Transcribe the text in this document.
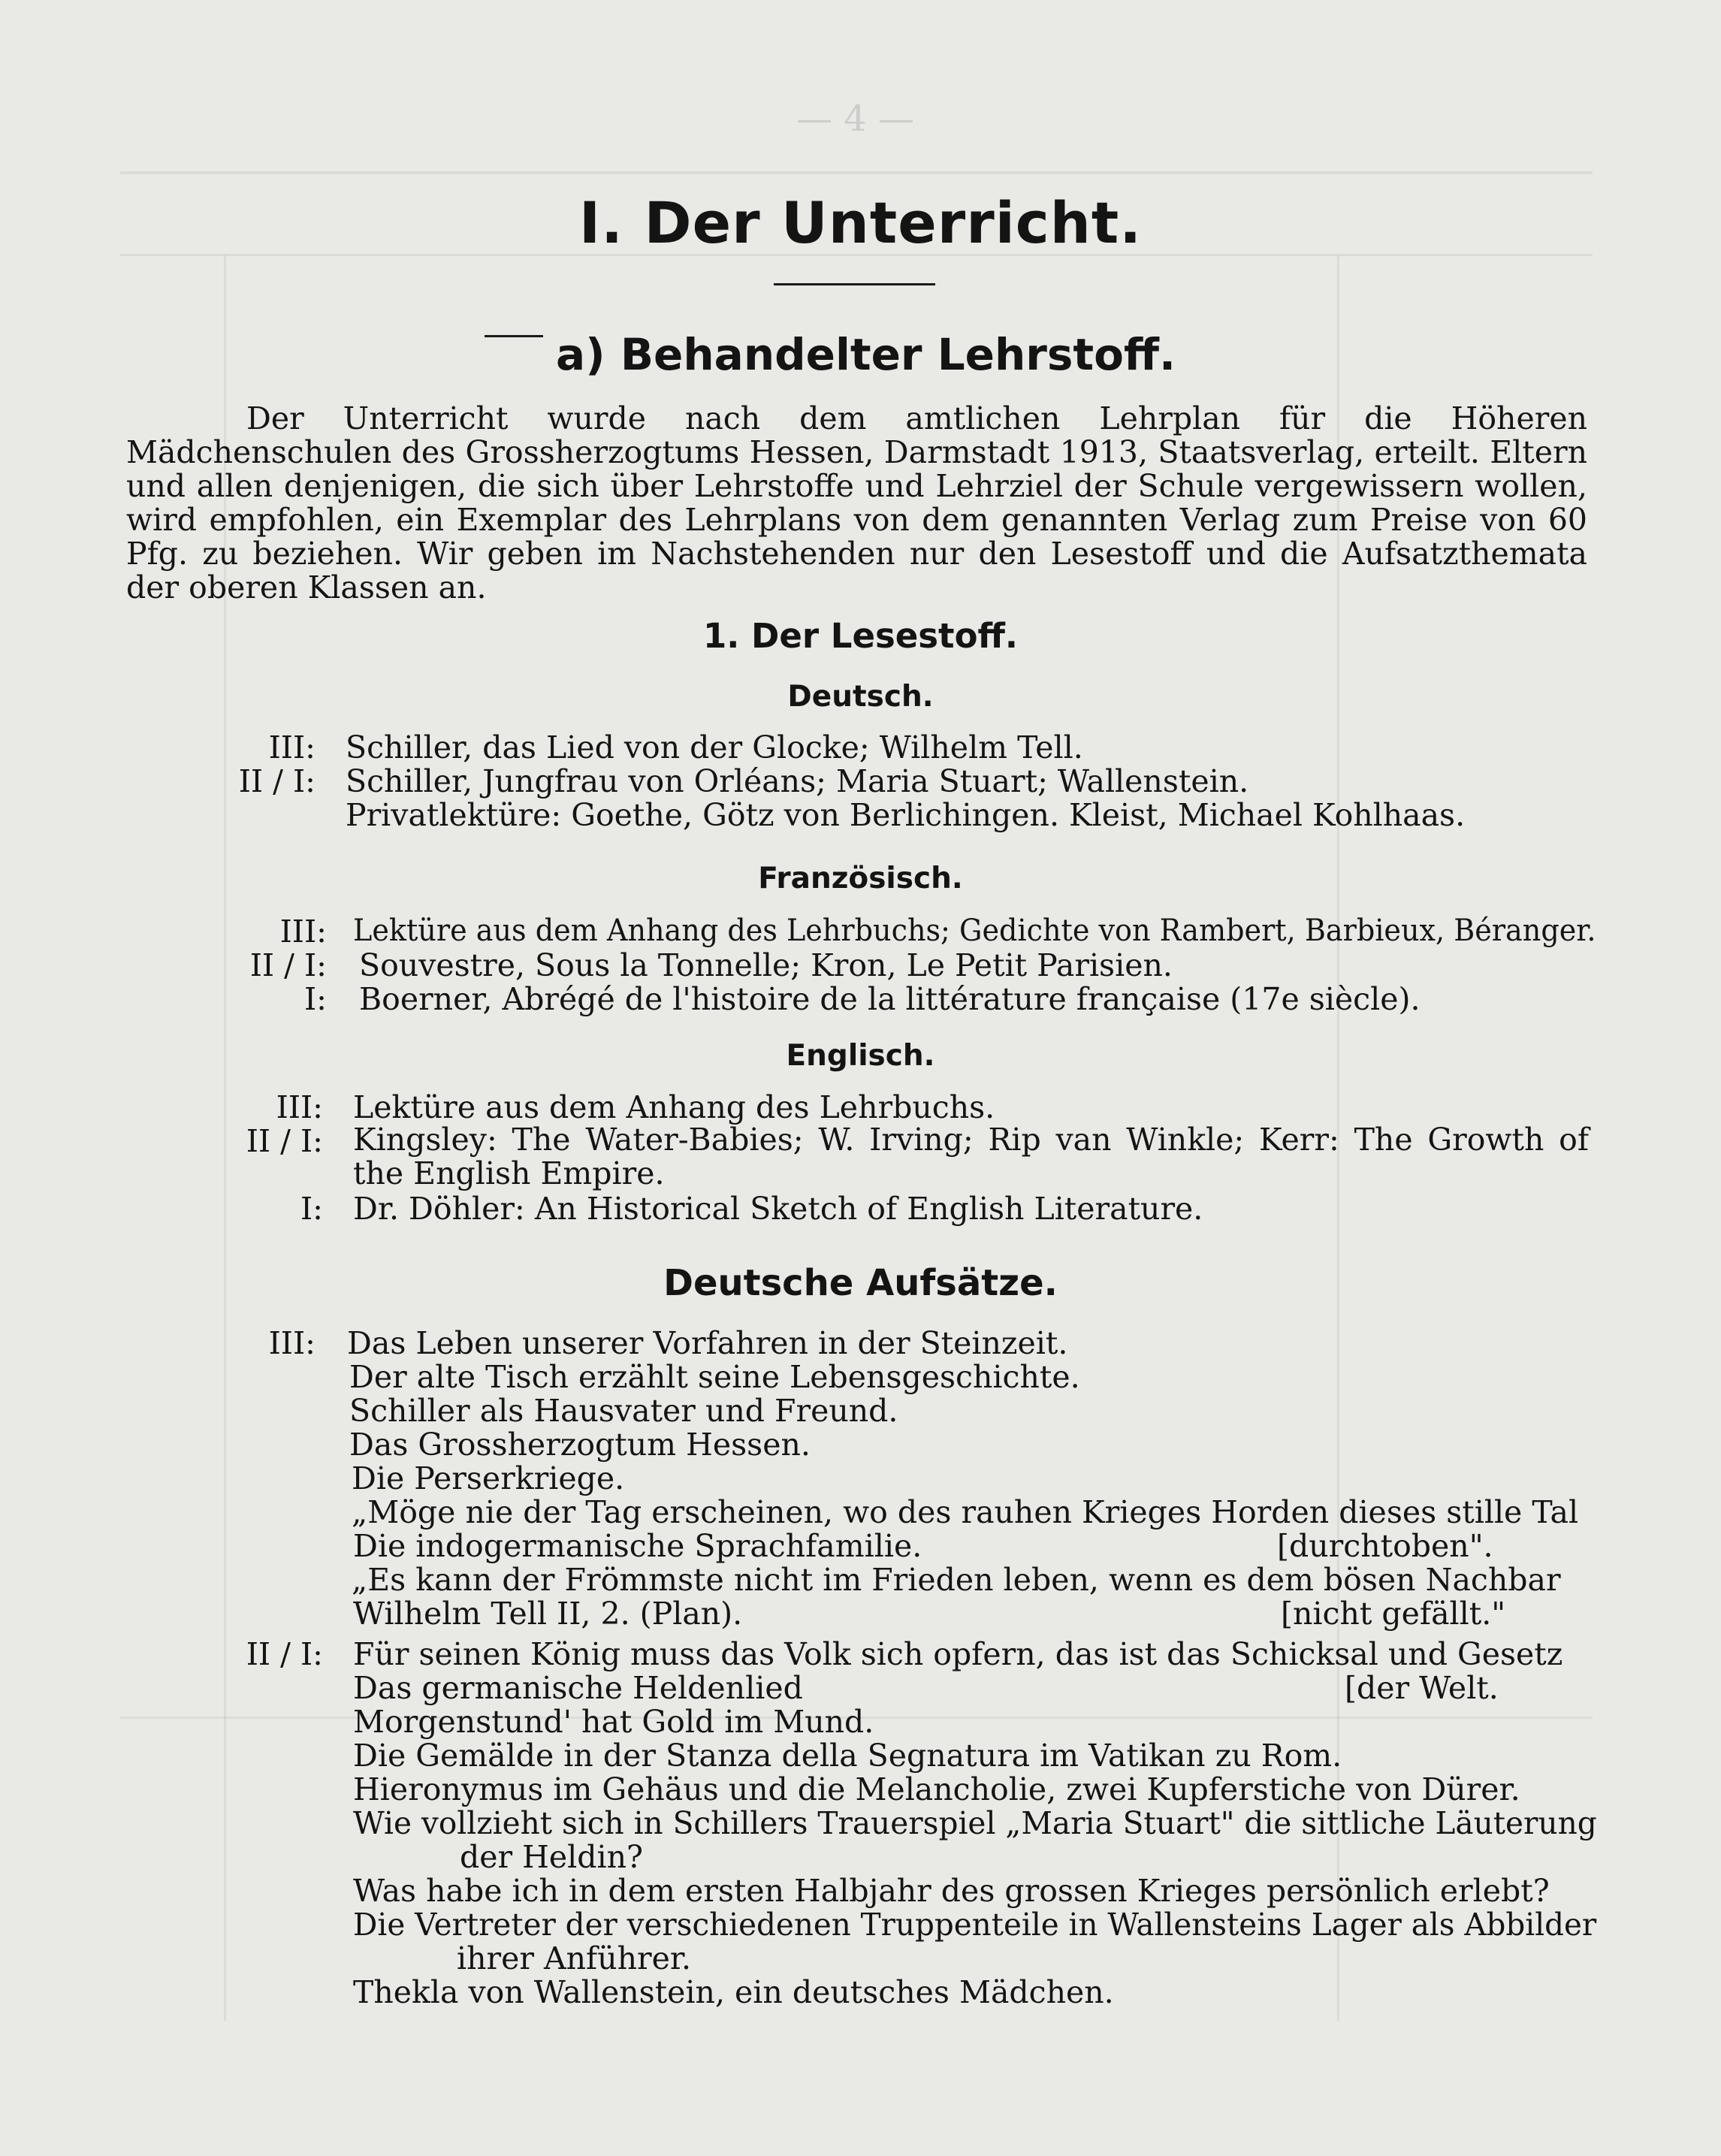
— 4 —
I. Der Unterricht.
a) Behandelter Lehrstoff.

Der Unterricht wurde nach dem amtlichen Lehrplan für die Höheren Mädchenschulen des Grossherzogtums Hessen, Darmstadt 1913, Staatsverlag, erteilt. Eltern und allen denjenigen, die sich über Lehrstoffe und Lehrziel der Schule vergewissern wollen, wird empfohlen, ein Exemplar des Lehrplans von dem genannten Verlag zum Preise von 60 Pfg. zu beziehen. Wir geben im Nachstehenden nur den Lesestoff und die Aufsatzthemata der oberen Klassen an.

1. Der Lesestoff.
Deutsch.
III: Schiller, das Lied von der Glocke; Wilhelm Tell.
II / I: Schiller, Jungfrau von Orléans; Maria Stuart; Wallenstein.
Privatlektüre: Goethe, Götz von Berlichingen. Kleist, Michael Kohlhaas.
Französisch.
III: Lektüre aus dem Anhang des Lehrbuchs; Gedichte von Rambert, Barbieux, Béranger.
II / I: Souvestre, Sous la Tonnelle; Kron, Le Petit Parisien.
I: Boerner, Abrégé de l'histoire de la littérature française (17e siècle).
Englisch.
III: Lektüre aus dem Anhang des Lehrbuchs.
II / I: Kingsley: The Water-Babies; W. Irving; Rip van Winkle; Kerr: The Growth of the English Empire.
I: Dr. Döhler: An Historical Sketch of English Literature.
Deutsche Aufsätze.
III: Das Leben unserer Vorfahren in der Steinzeit.
Der alte Tisch erzählt seine Lebensgeschichte.
Schiller als Hausvater und Freund.
Das Grossherzogtum Hessen.
Die Perserkriege.
„Möge nie der Tag erscheinen, wo des rauhen Krieges Horden dieses stille Tal
Die indogermanische Sprachfamilie.	[durchtoben".
„Es kann der Frömmste nicht im Frieden leben, wenn es dem bösen Nachbar
Wilhelm Tell II, 2. (Plan).	[nicht gefällt."
II / I: Für seinen König muss das Volk sich opfern, das ist das Schicksal und Gesetz
Das germanische Heldenlied	[der Welt.
Morgenstund' hat Gold im Mund.
Die Gemälde in der Stanza della Segnatura im Vatikan zu Rom.
Hieronymus im Gehäus und die Melancholie, zwei Kupferstiche von Dürer.
Wie vollzieht sich in Schillers Trauerspiel „Maria Stuart" die sittliche Läuterung
der Heldin?
Was habe ich in dem ersten Halbjahr des grossen Krieges persönlich erlebt?
Die Vertreter der verschiedenen Truppenteile in Wallensteins Lager als Abbilder
ihrer Anführer.
Thekla von Wallenstein, ein deutsches Mädchen.
